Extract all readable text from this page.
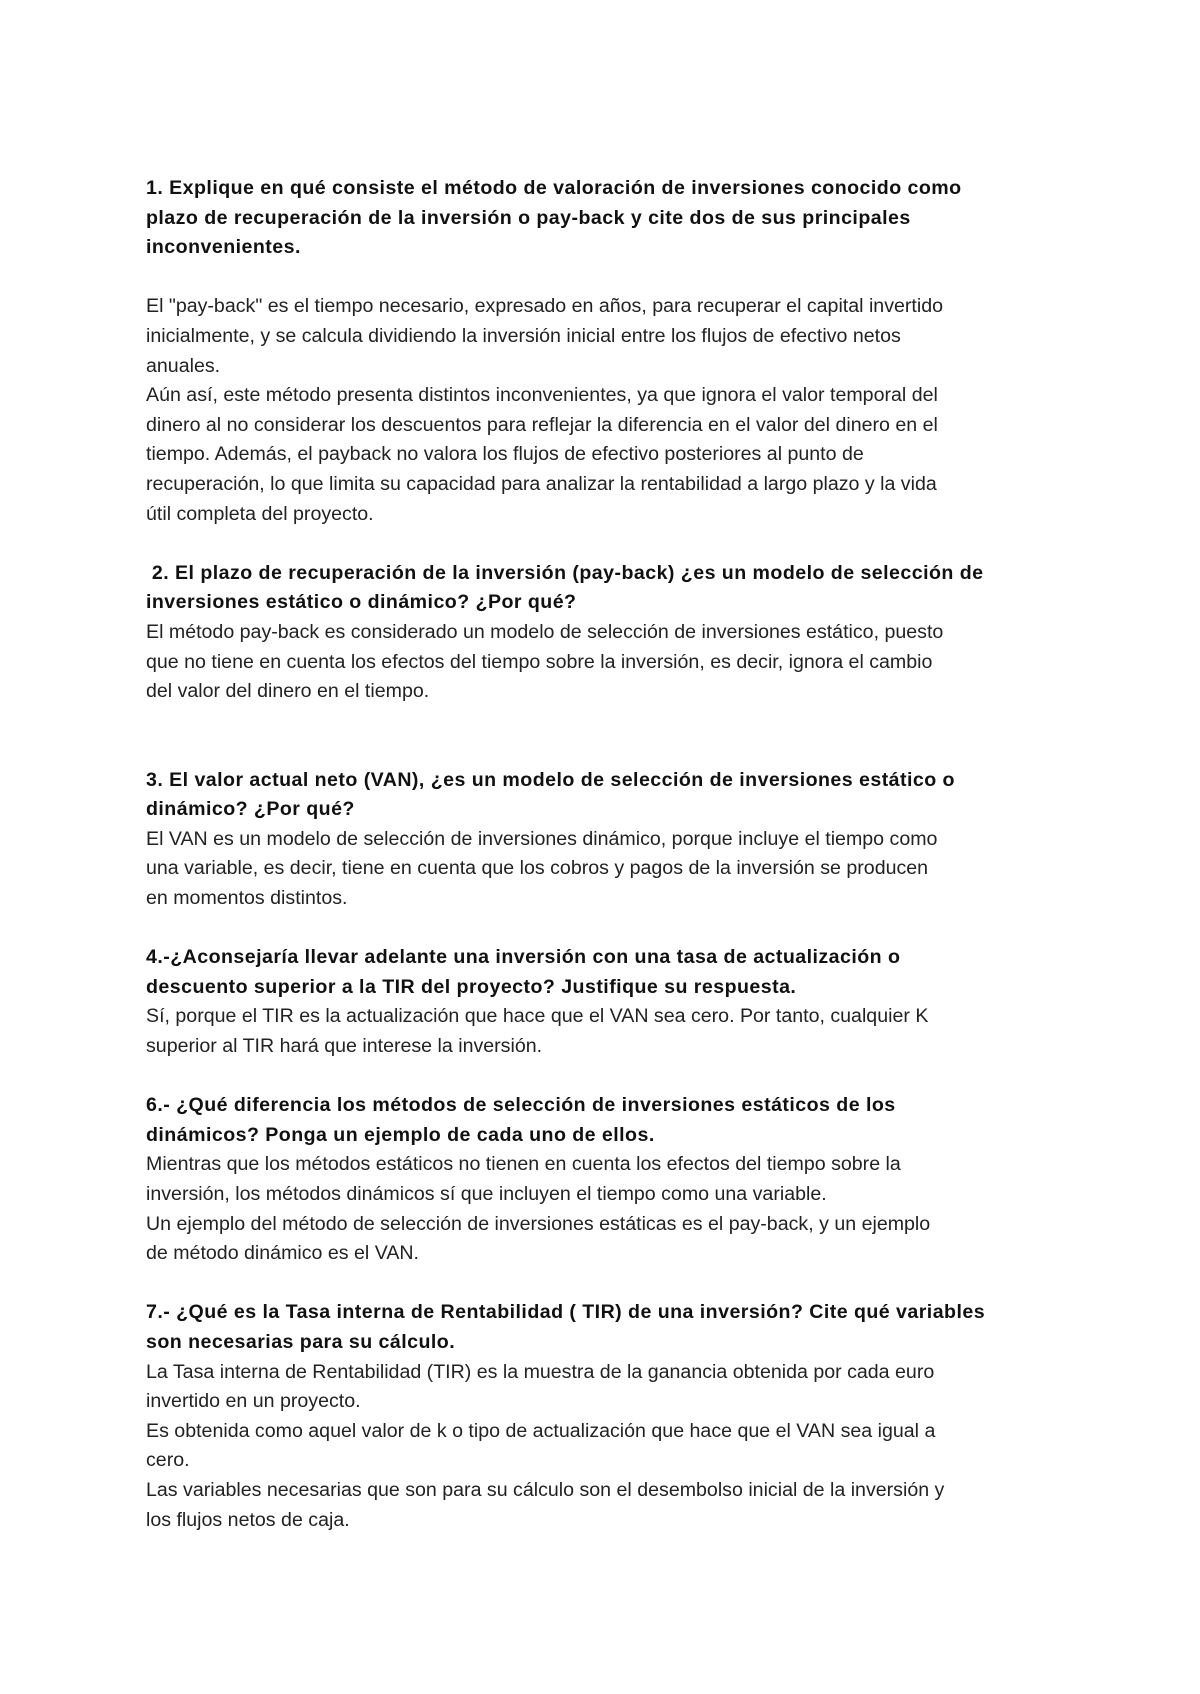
1. Explique en qué consiste el método de valoración de inversiones conocido como

plazo de recuperación de la inversión o pay-back y cite dos de sus principales

inconvenientes.

El "pay-back" es el tiempo necesario, expresado en años, para recuperar el capital invertido

inicialmente, y se calcula dividiendo la inversión inicial entre los flujos de efectivo netos

anuales.

Aún así, este método presenta distintos inconvenientes, ya que ignora el valor temporal del

dinero al no considerar los descuentos para reflejar la diferencia en el valor del dinero en el

tiempo. Además, el payback no valora los flujos de efectivo posteriores al punto de

recuperación, lo que limita su capacidad para analizar la rentabilidad a largo plazo y la vida

útil completa del proyecto.

2. El plazo de recuperación de la inversión (pay-back) ¿es un modelo de selección de

inversiones estático o dinámico? ¿Por qué?

El método pay-back es considerado un modelo de selección de inversiones estático, puesto

que no tiene en cuenta los efectos del tiempo sobre la inversión, es decir, ignora el cambio

del valor del dinero en el tiempo.

3. El valor actual neto (VAN), ¿es un modelo de selección de inversiones estático o

dinámico? ¿Por qué?

El VAN es un modelo de selección de inversiones dinámico, porque incluye el tiempo como

una variable, es decir, tiene en cuenta que los cobros y pagos de la inversión se producen

en momentos distintos.

4.-¿Aconsejaría llevar adelante una inversión con una tasa de actualización o

descuento superior a la TIR del proyecto? Justifique su respuesta.

Sí, porque el TIR es la actualización que hace que el VAN sea cero. Por tanto, cualquier K

superior al TIR hará que interese la inversión.

6.- ¿Qué diferencia los métodos de selección de inversiones estáticos de los

dinámicos? Ponga un ejemplo de cada uno de ellos.

Mientras que los métodos estáticos no tienen en cuenta los efectos del tiempo sobre la

inversión, los métodos dinámicos sí que incluyen el tiempo como una variable.

Un ejemplo del método de selección de inversiones estáticas es el pay-back, y un ejemplo

de método dinámico es el VAN.

7.- ¿Qué es la Tasa interna de Rentabilidad ( TIR) de una inversión? Cite qué variables

son necesarias para su cálculo.

La Tasa interna de Rentabilidad (TIR) es la muestra de la ganancia obtenida por cada euro

invertido en un proyecto.

Es obtenida como aquel valor de k o tipo de actualización que hace que el VAN sea igual a

cero.

Las variables necesarias que son para su cálculo son el desembolso inicial de la inversión y

los flujos netos de caja.
